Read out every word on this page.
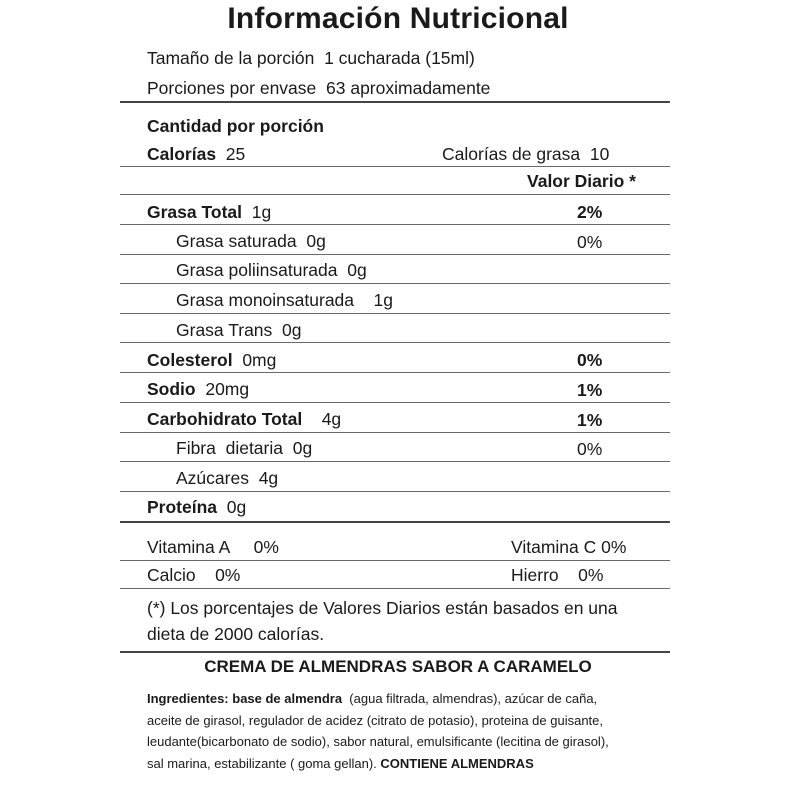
Información Nutricional
Tamaño de la porción 1 cucharada (15ml)
Porciones por envase 63 aproximadamente
Cantidad por porción
Calorías 25	Calorías de grasa 10
Valor Diario *
Grasa Total 1g	2%
Grasa saturada 0g	0%
Grasa poliinsaturada 0g
Grasa monoinsaturada 1g
Grasa Trans 0g
Colesterol 0mg	0%
Sodio 20mg	1%
Carbohidrato Total 4g	1%
Fibra  dietaria 0g	0%
Azúcares 4g
Proteína 0g
Vitamina A     0%	Vitamina C 0%
Calcio    0%	Hierro    0%
(*) Los porcentajes de Valores Diarios están basados en una
dieta de 2000 calorías.
CREMA DE ALMENDRAS SABOR A CARAMELO
Ingredientes: base de almendra  (agua filtrada, almendras), azúcar de caña,
aceite de girasol, regulador de acidez (citrato de potasio), proteina de guisante,
leudante(bicarbonato de sodio), sabor natural, emulsificante (lecitina de girasol),
sal marina, estabilizante ( goma gellan). CONTIENE ALMENDRAS
